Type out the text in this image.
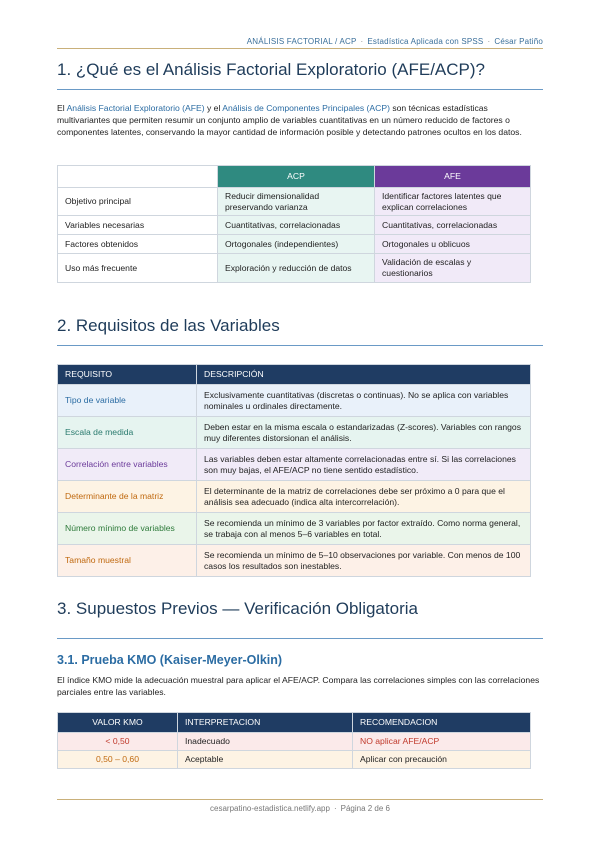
ANÁLISIS FACTORIAL / ACP · Estadística Aplicada con SPSS · César Patiño
1. ¿Qué es el Análisis Factorial Exploratorio (AFE/ACP)?

El Análisis Factorial Exploratorio (AFE) y el Análisis de Componentes Principales (ACP) son técnicas estadísticas multivariantes que permiten resumir un conjunto amplio de variables cuantitativas en un número reducido de factores o componentes latentes, conservando la mayor cantidad de información posible y detectando patrones ocultos en los datos.

	ACP	AFE
Objetivo principal	Reducir dimensionalidad preservando varianza	Identificar factores latentes que explican correlaciones
Variables necesarias	Cuantitativas, correlacionadas	Cuantitativas, correlacionadas
Factores obtenidos	Ortogonales (independientes)	Ortogonales u oblicuos
Uso más frecuente	Exploración y reducción de datos	Validación de escalas y cuestionarios
2. Requisitos de las Variables
REQUISITO	DESCRIPCIÓN
Tipo de variable	Exclusivamente cuantitativas (discretas o continuas). No se aplica con variables nominales u ordinales directamente.
Escala de medida	Deben estar en la misma escala o estandarizadas (Z-scores). Variables con rangos muy diferentes distorsionan el análisis.
Correlación entre variables	Las variables deben estar altamente correlacionadas entre sí. Si las correlaciones son muy bajas, el AFE/ACP no tiene sentido estadístico.
Determinante de la matriz	El determinante de la matriz de correlaciones debe ser próximo a 0 para que el análisis sea adecuado (indica alta intercorrelación).
Número mínimo de variables	Se recomienda un mínimo de 3 variables por factor extraído. Como norma general, se trabaja con al menos 5–6 variables en total.
Tamaño muestral	Se recomienda un mínimo de 5–10 observaciones por variable. Con menos de 100 casos los resultados son inestables.
3. Supuestos Previos — Verificación Obligatoria
3.1. Prueba KMO (Kaiser-Meyer-Olkin)

El índice KMO mide la adecuación muestral para aplicar el AFE/ACP. Compara las correlaciones simples con las correlaciones parciales entre las variables.

VALOR KMO	INTERPRETACION	RECOMENDACION
< 0,50	Inadecuado	NO aplicar AFE/ACP
0,50 – 0,60	Aceptable	Aplicar con precaución
cesarpatino-estadistica.netlify.app · Página 2 de 6
